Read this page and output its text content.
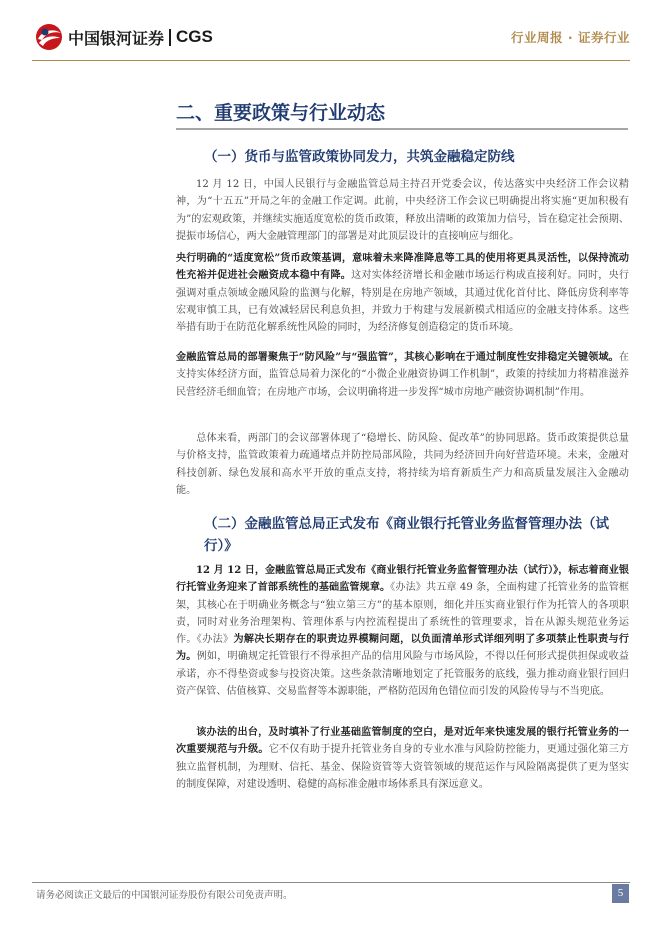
中国银河证券 CGS	行业周报 · 证券行业
二、重要政策与行业动态
（一）货币与监管政策协同发力，共筑金融稳定防线

12 月 12 日，中国人民银行与金融监管总局主持召开党委会议，传达落实中央经济工作会议精神，为“十五五”开局之年的金融工作定调。此前，中央经济工作会议已明确提出将实施“更加积极有为”的宏观政策，并继续实施适度宽松的货币政策，释放出清晰的政策加力信号，旨在稳定社会预期、提振市场信心，两大金融管理部门的部署是对此顶层设计的直接响应与细化。

央行明确的“适度宽松”货币政策基调，意味着未来降准降息等工具的使用将更具灵活性，以保持流动性充裕并促进社会融资成本稳中有降。这对实体经济增长和金融市场运行构成直接利好。同时，央行强调对重点领域金融风险的监测与化解，特别是在房地产领域，其通过优化首付比、降低房贷利率等宏观审慎工具，已有效减轻居民利息负担，并致力于构建与发展新模式相适应的金融支持体系。这些举措有助于在防范化解系统性风险的同时，为经济修复创造稳定的货币环境。

金融监管总局的部署聚焦于“防风险”与“强监管”，其核心影响在于通过制度性安排稳定关键领域。在支持实体经济方面，监管总局着力深化的“小微企业融资协调工作机制”，政策的持续加力将精准滋养民营经济毛细血管；在房地产市场，会议明确将进一步发挥“城市房地产融资协调机制”作用。

总体来看，两部门的会议部署体现了“稳增长、防风险、促改革”的协同思路。货币政策提供总量与价格支持，监管政策着力疏通堵点并防控局部风险，共同为经济回升向好营造环境。未来，金融对科技创新、绿色发展和高水平开放的重点支持，将持续为培育新质生产力和高质量发展注入金融动能。

（二）金融监管总局正式发布《商业银行托管业务监督管理办法（试行）》

12 月 12 日，金融监管总局正式发布《商业银行托管业务监督管理办法（试行）》，标志着商业银行托管业务迎来了首部系统性的基础监管规章。《办法》共五章 49 条，全面构建了托管业务的监管框架，其核心在于明确业务概念与“独立第三方”的基本原则，细化并压实商业银行作为托管人的各项职责，同时对业务治理架构、管理体系与内控流程提出了系统性的管理要求，旨在从源头规范业务运作。《办法》为解决长期存在的职责边界模糊问题，以负面清单形式详细列明了多项禁止性职责与行为。例如，明确规定托管银行不得承担产品的信用风险与市场风险，不得以任何形式提供担保或收益承诺，亦不得垫资或参与投资决策。这些条款清晰地划定了托管服务的底线，强力推动商业银行回归资产保管、估值核算、交易监督等本源职能，严格防范因角色错位而引发的风险传导与不当兜底。

该办法的出台，及时填补了行业基础监管制度的空白，是对近年来快速发展的银行托管业务的一次重要规范与升级。它不仅有助于提升托管业务自身的专业水准与风险防控能力，更通过强化第三方独立监督机制，为理财、信托、基金、保险资管等大资管领域的规范运作与风险隔离提供了更为坚实的制度保障，对建设透明、稳健的高标准金融市场体系具有深远意义。

请务必阅读正文最后的中国银河证券股份有限公司免责声明。	5
